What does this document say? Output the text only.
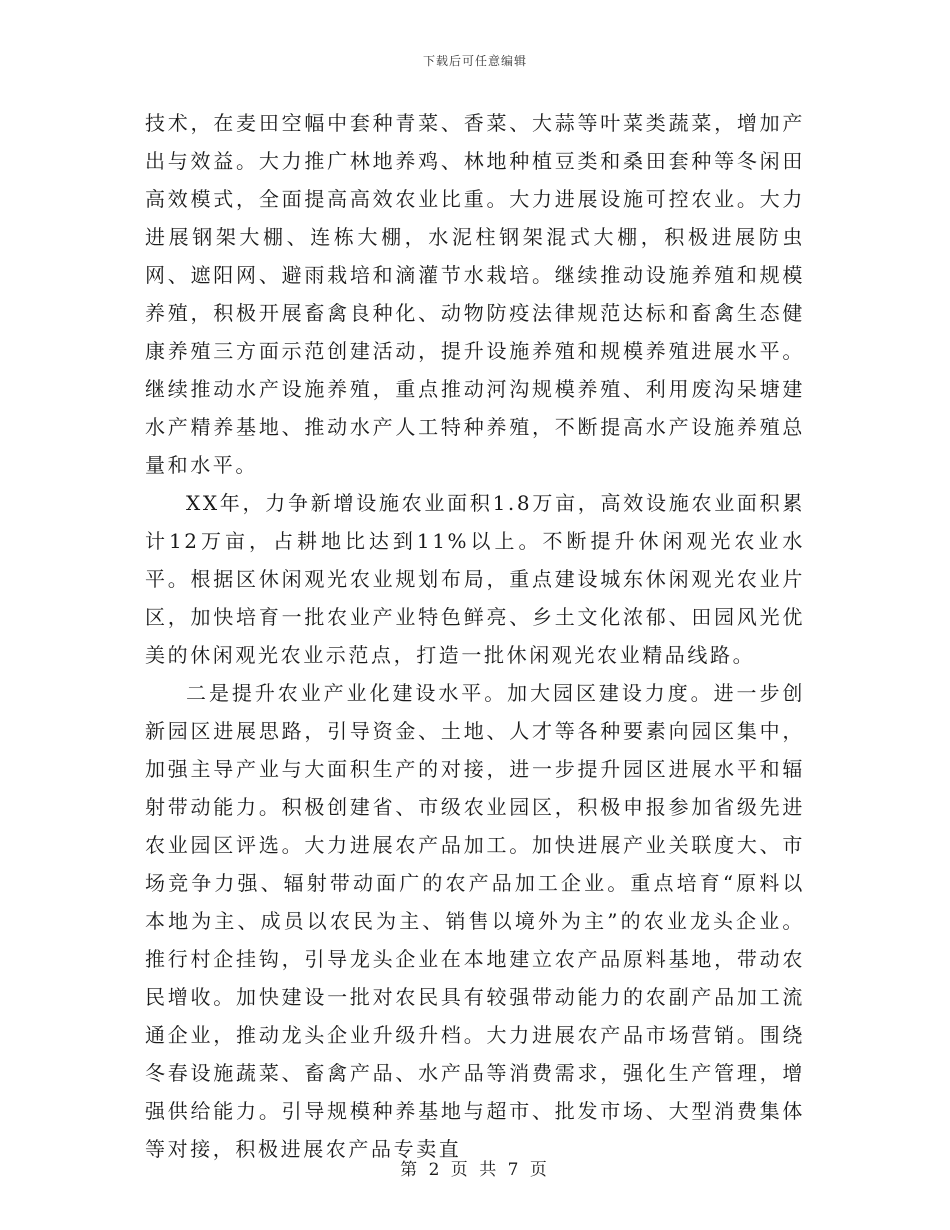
下载后可任意编辑

技术，在麦田空幅中套种青菜、香菜、大蒜等叶菜类蔬菜，增加产出与效益。大力推广林地养鸡、林地种植豆类和桑田套种等冬闲田高效模式，全面提高高效农业比重。大力进展设施可控农业。大力进展钢架大棚、连栋大棚，水泥柱钢架混式大棚，积极进展防虫网、遮阳网、避雨栽培和滴灌节水栽培。继续推动设施养殖和规模养殖，积极开展畜禽良种化、动物防疫法律规范达标和畜禽生态健康养殖三方面示范创建活动，提升设施养殖和规模养殖进展水平。继续推动水产设施养殖，重点推动河沟规模养殖、利用废沟呆塘建水产精养基地、推动水产人工特种养殖，不断提高水产设施养殖总量和水平。

XX年，力争新增设施农业面积1.8万亩，高效设施农业面积累计12万亩，占耕地比达到11%以上。不断提升休闲观光农业水平。根据区休闲观光农业规划布局，重点建设城东休闲观光农业片区，加快培育一批农业产业特色鲜亮、乡土文化浓郁、田园风光优美的休闲观光农业示范点，打造一批休闲观光农业精品线路。

二是提升农业产业化建设水平。加大园区建设力度。进一步创新园区进展思路，引导资金、土地、人才等各种要素向园区集中，加强主导产业与大面积生产的对接，进一步提升园区进展水平和辐射带动能力。积极创建省、市级农业园区，积极申报参加省级先进农业园区评选。大力进展农产品加工。加快进展产业关联度大、市场竞争力强、辐射带动面广的农产品加工企业。重点培育“原料以本地为主、成员以农民为主、销售以境外为主”的农业龙头企业。推行村企挂钩，引导龙头企业在本地建立农产品原料基地，带动农民增收。加快建设一批对农民具有较强带动能力的农副产品加工流通企业，推动龙头企业升级升档。大力进展农产品市场营销。围绕冬春设施蔬菜、畜禽产品、水产品等消费需求，强化生产管理，增强供给能力。引导规模种养基地与超市、批发市场、大型消费集体等对接，积极进展农产品专卖直

第 2 页 共 7 页
